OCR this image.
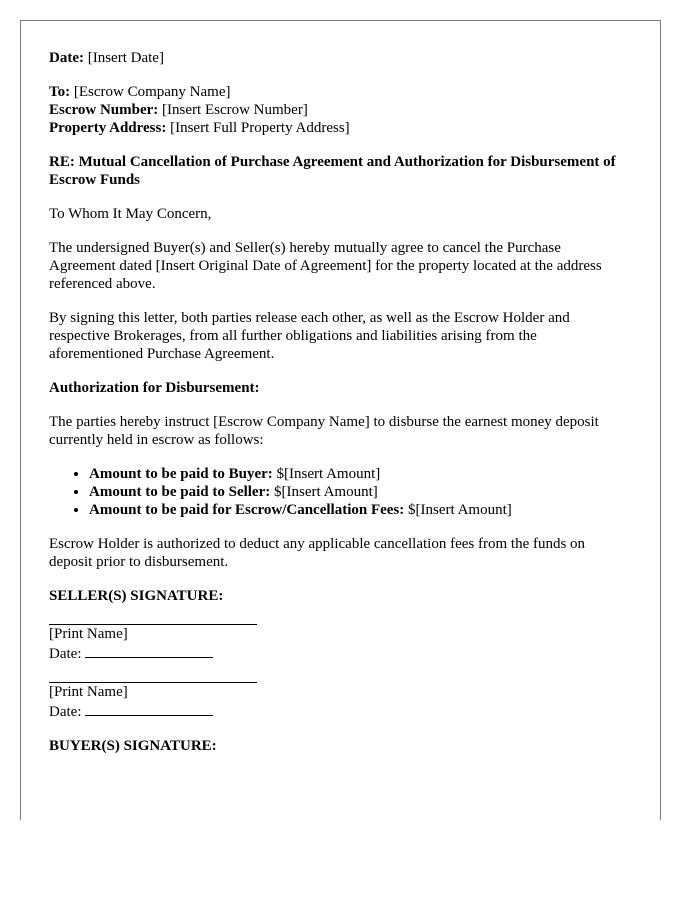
Date: [Insert Date]

To: [Escrow Company Name]
Escrow Number: [Insert Escrow Number]
Property Address: [Insert Full Property Address]

RE: Mutual Cancellation of Purchase Agreement and Authorization for Disbursement of Escrow Funds

To Whom It May Concern,

The undersigned Buyer(s) and Seller(s) hereby mutually agree to cancel the Purchase Agreement dated [Insert Original Date of Agreement] for the property located at the address referenced above.

By signing this letter, both parties release each other, as well as the Escrow Holder and respective Brokerages, from all further obligations and liabilities arising from the aforementioned Purchase Agreement.

Authorization for Disbursement:

The parties hereby instruct [Escrow Company Name] to disburse the earnest money deposit currently held in escrow as follows:

• Amount to be paid to Buyer: $[Insert Amount]
• Amount to be paid to Seller: $[Insert Amount]
• Amount to be paid for Escrow/Cancellation Fees: $[Insert Amount]

Escrow Holder is authorized to deduct any applicable cancellation fees from the funds on deposit prior to disbursement.

SELLER(S) SIGNATURE:

[Print Name]
Date:
[Print Name]
Date:

BUYER(S) SIGNATURE:
